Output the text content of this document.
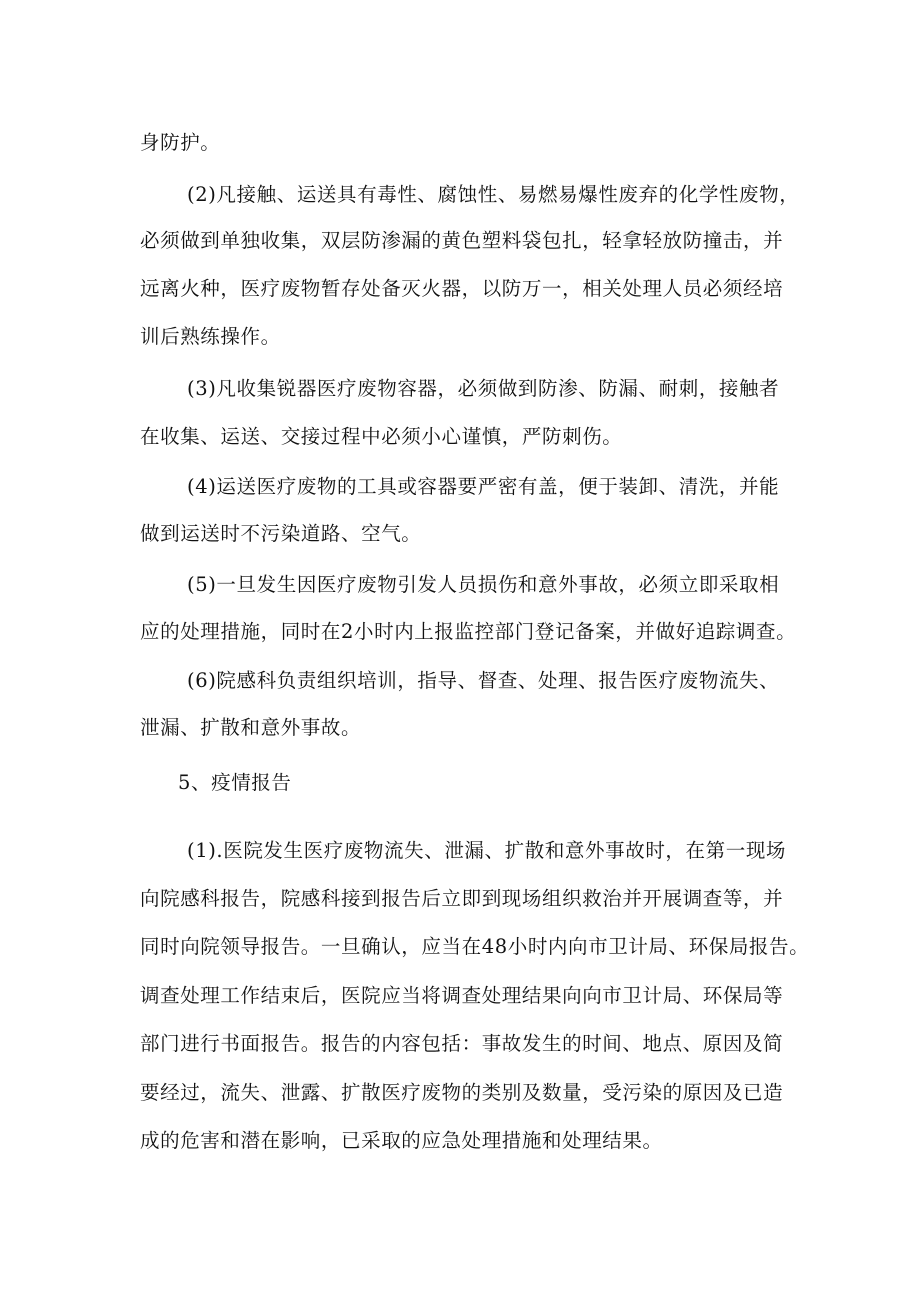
身防护。
(2)凡接触、运送具有毒性、腐蚀性、易燃易爆性废弃的化学性废物，
必须做到单独收集，双层防渗漏的黄色塑料袋包扎，轻拿轻放防撞击，并
远离火种，医疗废物暂存处备灭火器，以防万一，相关处理人员必须经培
训后熟练操作。
(3)凡收集锐器医疗废物容器，必须做到防渗、防漏、耐刺，接触者
在收集、运送、交接过程中必须小心谨慎，严防刺伤。
(4)运送医疗废物的工具或容器要严密有盖，便于装卸、清洗，并能
做到运送时不污染道路、空气。
(5)一旦发生因医疗废物引发人员损伤和意外事故，必须立即采取相
应的处理措施，同时在2小时内上报监控部门登记备案，并做好追踪调查。
(6)院感科负责组织培训，指导、督查、处理、报告医疗废物流失、
泄漏、扩散和意外事故。
5、疫情报告
(1).医院发生医疗废物流失、泄漏、扩散和意外事故时，在第一现场
向院感科报告，院感科接到报告后立即到现场组织救治并开展调查等，并
同时向院领导报告。一旦确认，应当在48小时内向市卫计局、环保局报告。
调查处理工作结束后，医院应当将调查处理结果向向市卫计局、环保局等
部门进行书面报告。报告的内容包括：事故发生的时间、地点、原因及简
要经过，流失、泄露、扩散医疗废物的类别及数量，受污染的原因及已造
成的危害和潜在影响，已采取的应急处理措施和处理结果。
